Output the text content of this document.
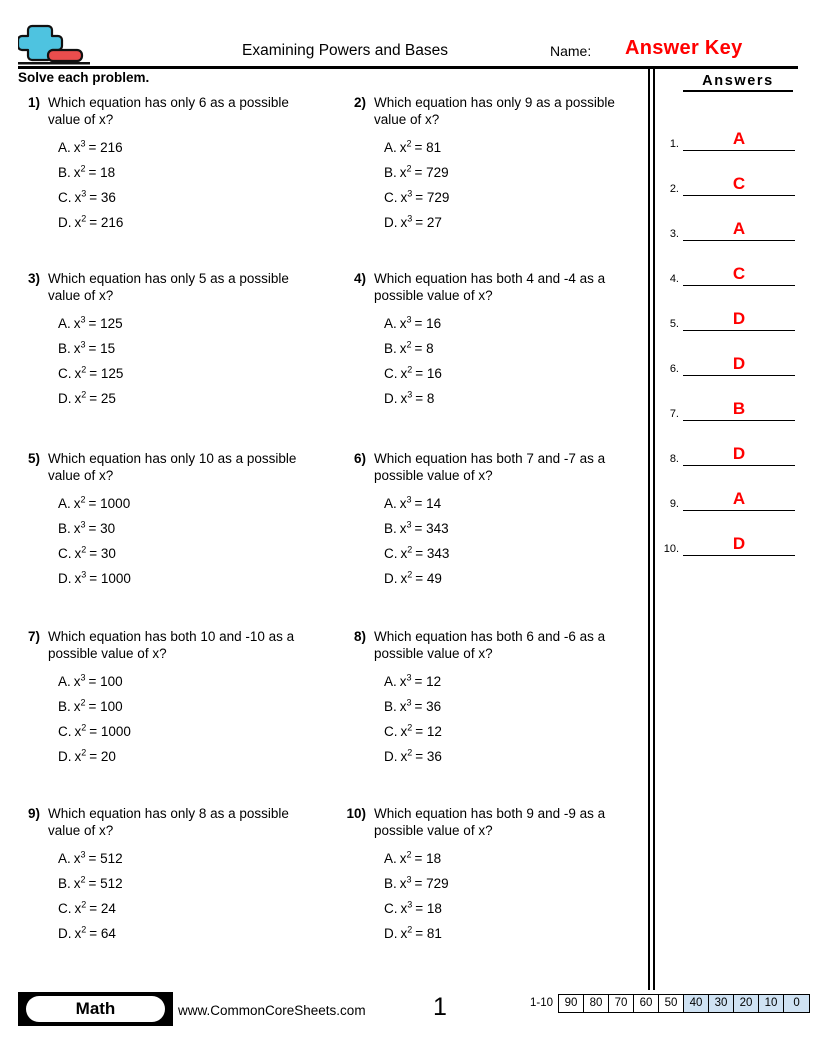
Examining Powers and Bases	Name: Answer Key
Solve each problem.
1) Which equation has only 6 as a possible value of x?
A. $x^3 = 216$
B. $x^2 = 18$
C. $x^3 = 36$
D. $x^2 = 216$
2) Which equation has only 9 as a possible value of x?
A. $x^2 = 81$
B. $x^2 = 729$
C. $x^3 = 729$
D. $x^3 = 27$
3) Which equation has only 5 as a possible value of x?
A. $x^3 = 125$
B. $x^3 = 15$
C. $x^2 = 125$
D. $x^2 = 25$
4) Which equation has both 4 and -4 as a possible value of x?
A. $x^3 = 16$
B. $x^2 = 8$
C. $x^2 = 16$
D. $x^3 = 8$
5) Which equation has only 10 as a possible value of x?
A. $x^2 = 1000$
B. $x^3 = 30$
C. $x^2 = 30$
D. $x^3 = 1000$
6) Which equation has both 7 and -7 as a possible value of x?
A. $x^3 = 14$
B. $x^3 = 343$
C. $x^2 = 343$
D. $x^2 = 49$
7) Which equation has both 10 and -10 as a possible value of x?
A. $x^3 = 100$
B. $x^2 = 100$
C. $x^2 = 1000$
D. $x^2 = 20$
8) Which equation has both 6 and -6 as a possible value of x?
A. $x^3 = 12$
B. $x^3 = 36$
C. $x^2 = 12$
D. $x^2 = 36$
9) Which equation has only 8 as a possible value of x?
A. $x^3 = 512$
B. $x^2 = 512$
C. $x^2 = 24$
D. $x^2 = 64$
10) Which equation has both 9 and -9 as a possible value of x?
A. $x^2 = 18$
B. $x^3 = 729$
C. $x^3 = 18$
D. $x^2 = 81$
Answers
1.	A
2.	C
3.	A
4.	C
5.	D
6.	D
7.	B
8.	D
9.	A
10.	D
Math	www.CommonCoreSheets.com	1	1-10	90	80	70	60	50	40	30	20	10	0
